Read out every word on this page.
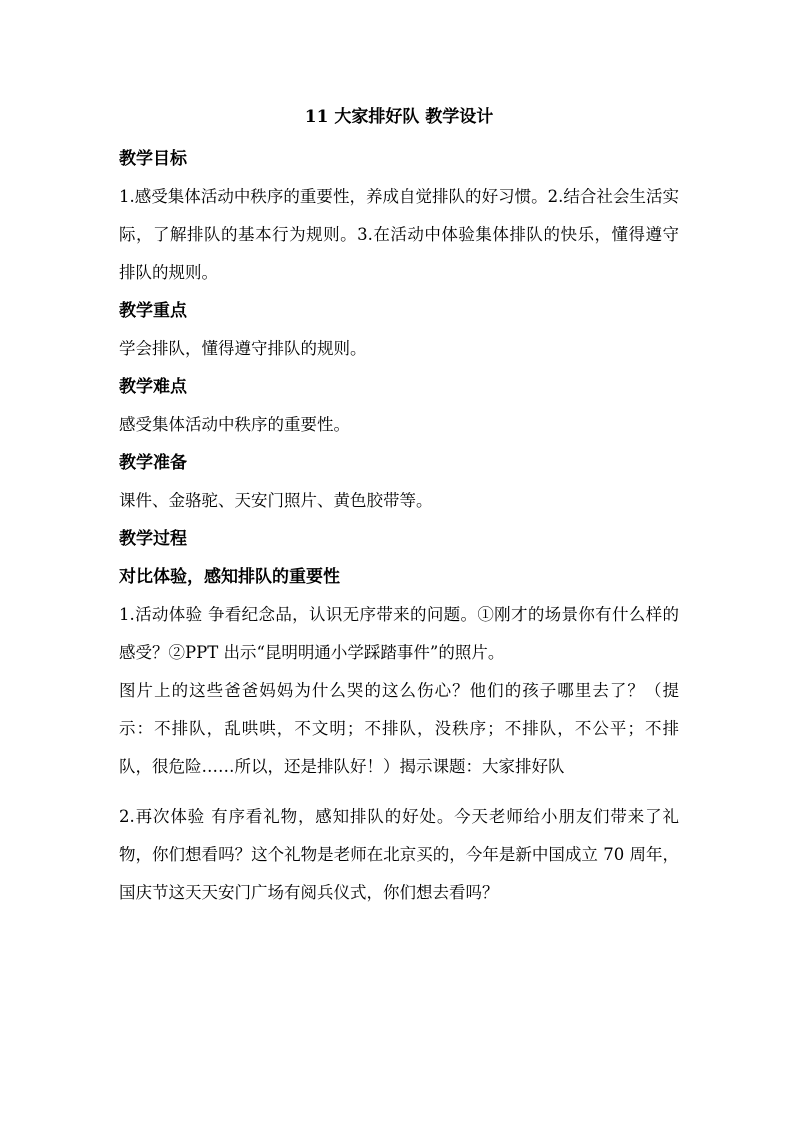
11 大家排好队 教学设计
教学目标
1.感受集体活动中秩序的重要性，养成自觉排队的好习惯。2.结合社会生活实际，了解排队的基本行为规则。3.在活动中体验集体排队的快乐，懂得遵守排队的规则。
教学重点
学会排队，懂得遵守排队的规则。
教学难点
感受集体活动中秩序的重要性。
教学准备
课件、金骆驼、天安门照片、黄色胶带等。
教学过程
对比体验，感知排队的重要性
1.活动体验 争看纪念品，认识无序带来的问题。①刚才的场景你有什么样的感受？②PPT 出示“昆明明通小学踩踏事件”的照片。
图片上的这些爸爸妈妈为什么哭的这么伤心？他们的孩子哪里去了？（提示：不排队，乱哄哄，不文明；不排队，没秩序；不排队，不公平；不排队，很危险……所以，还是排队好！）揭示课题：大家排好队
2.再次体验 有序看礼物，感知排队的好处。今天老师给小朋友们带来了礼物，你们想看吗？这个礼物是老师在北京买的，今年是新中国成立 70 周年，国庆节这天天安门广场有阅兵仪式，你们想去看吗？
